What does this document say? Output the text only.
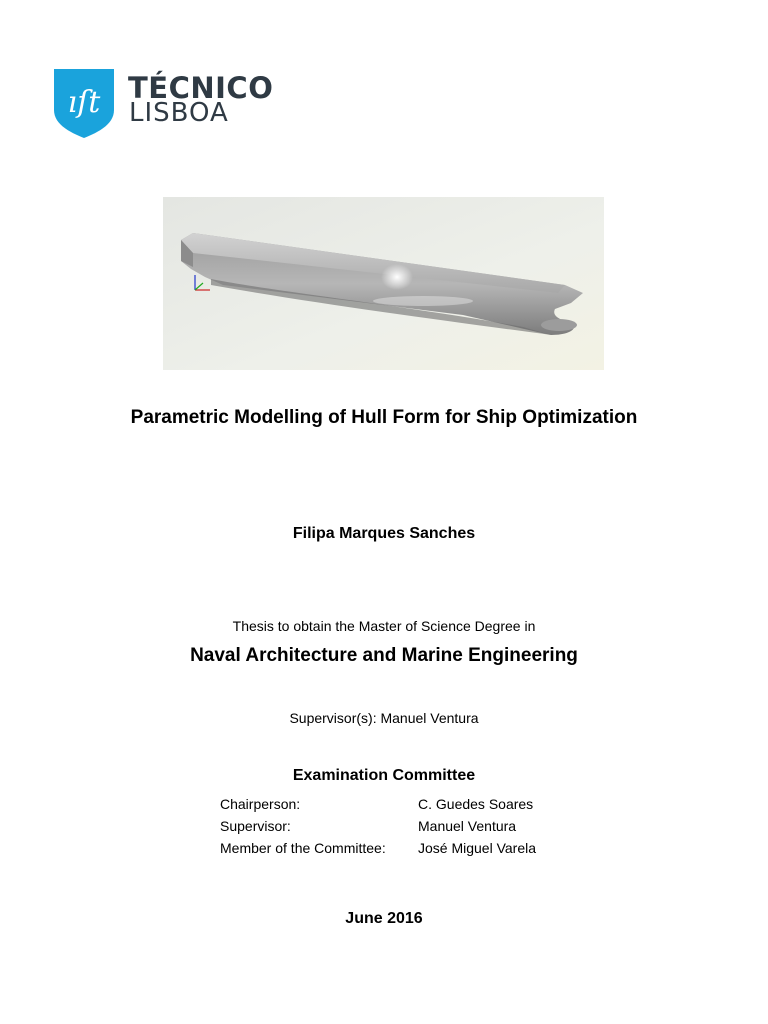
ıſt TÉCNICO
LISBOA
Parametric Modelling of Hull Form for Ship Optimization
Filipa Marques Sanches
Thesis to obtain the Master of Science Degree in
Naval Architecture and Marine Engineering
Supervisor(s): Manuel Ventura
Examination Committee
Chairperson:	C. Guedes Soares
Supervisor:	Manuel Ventura
Member of the Committee: José Miguel Varela
June 2016
